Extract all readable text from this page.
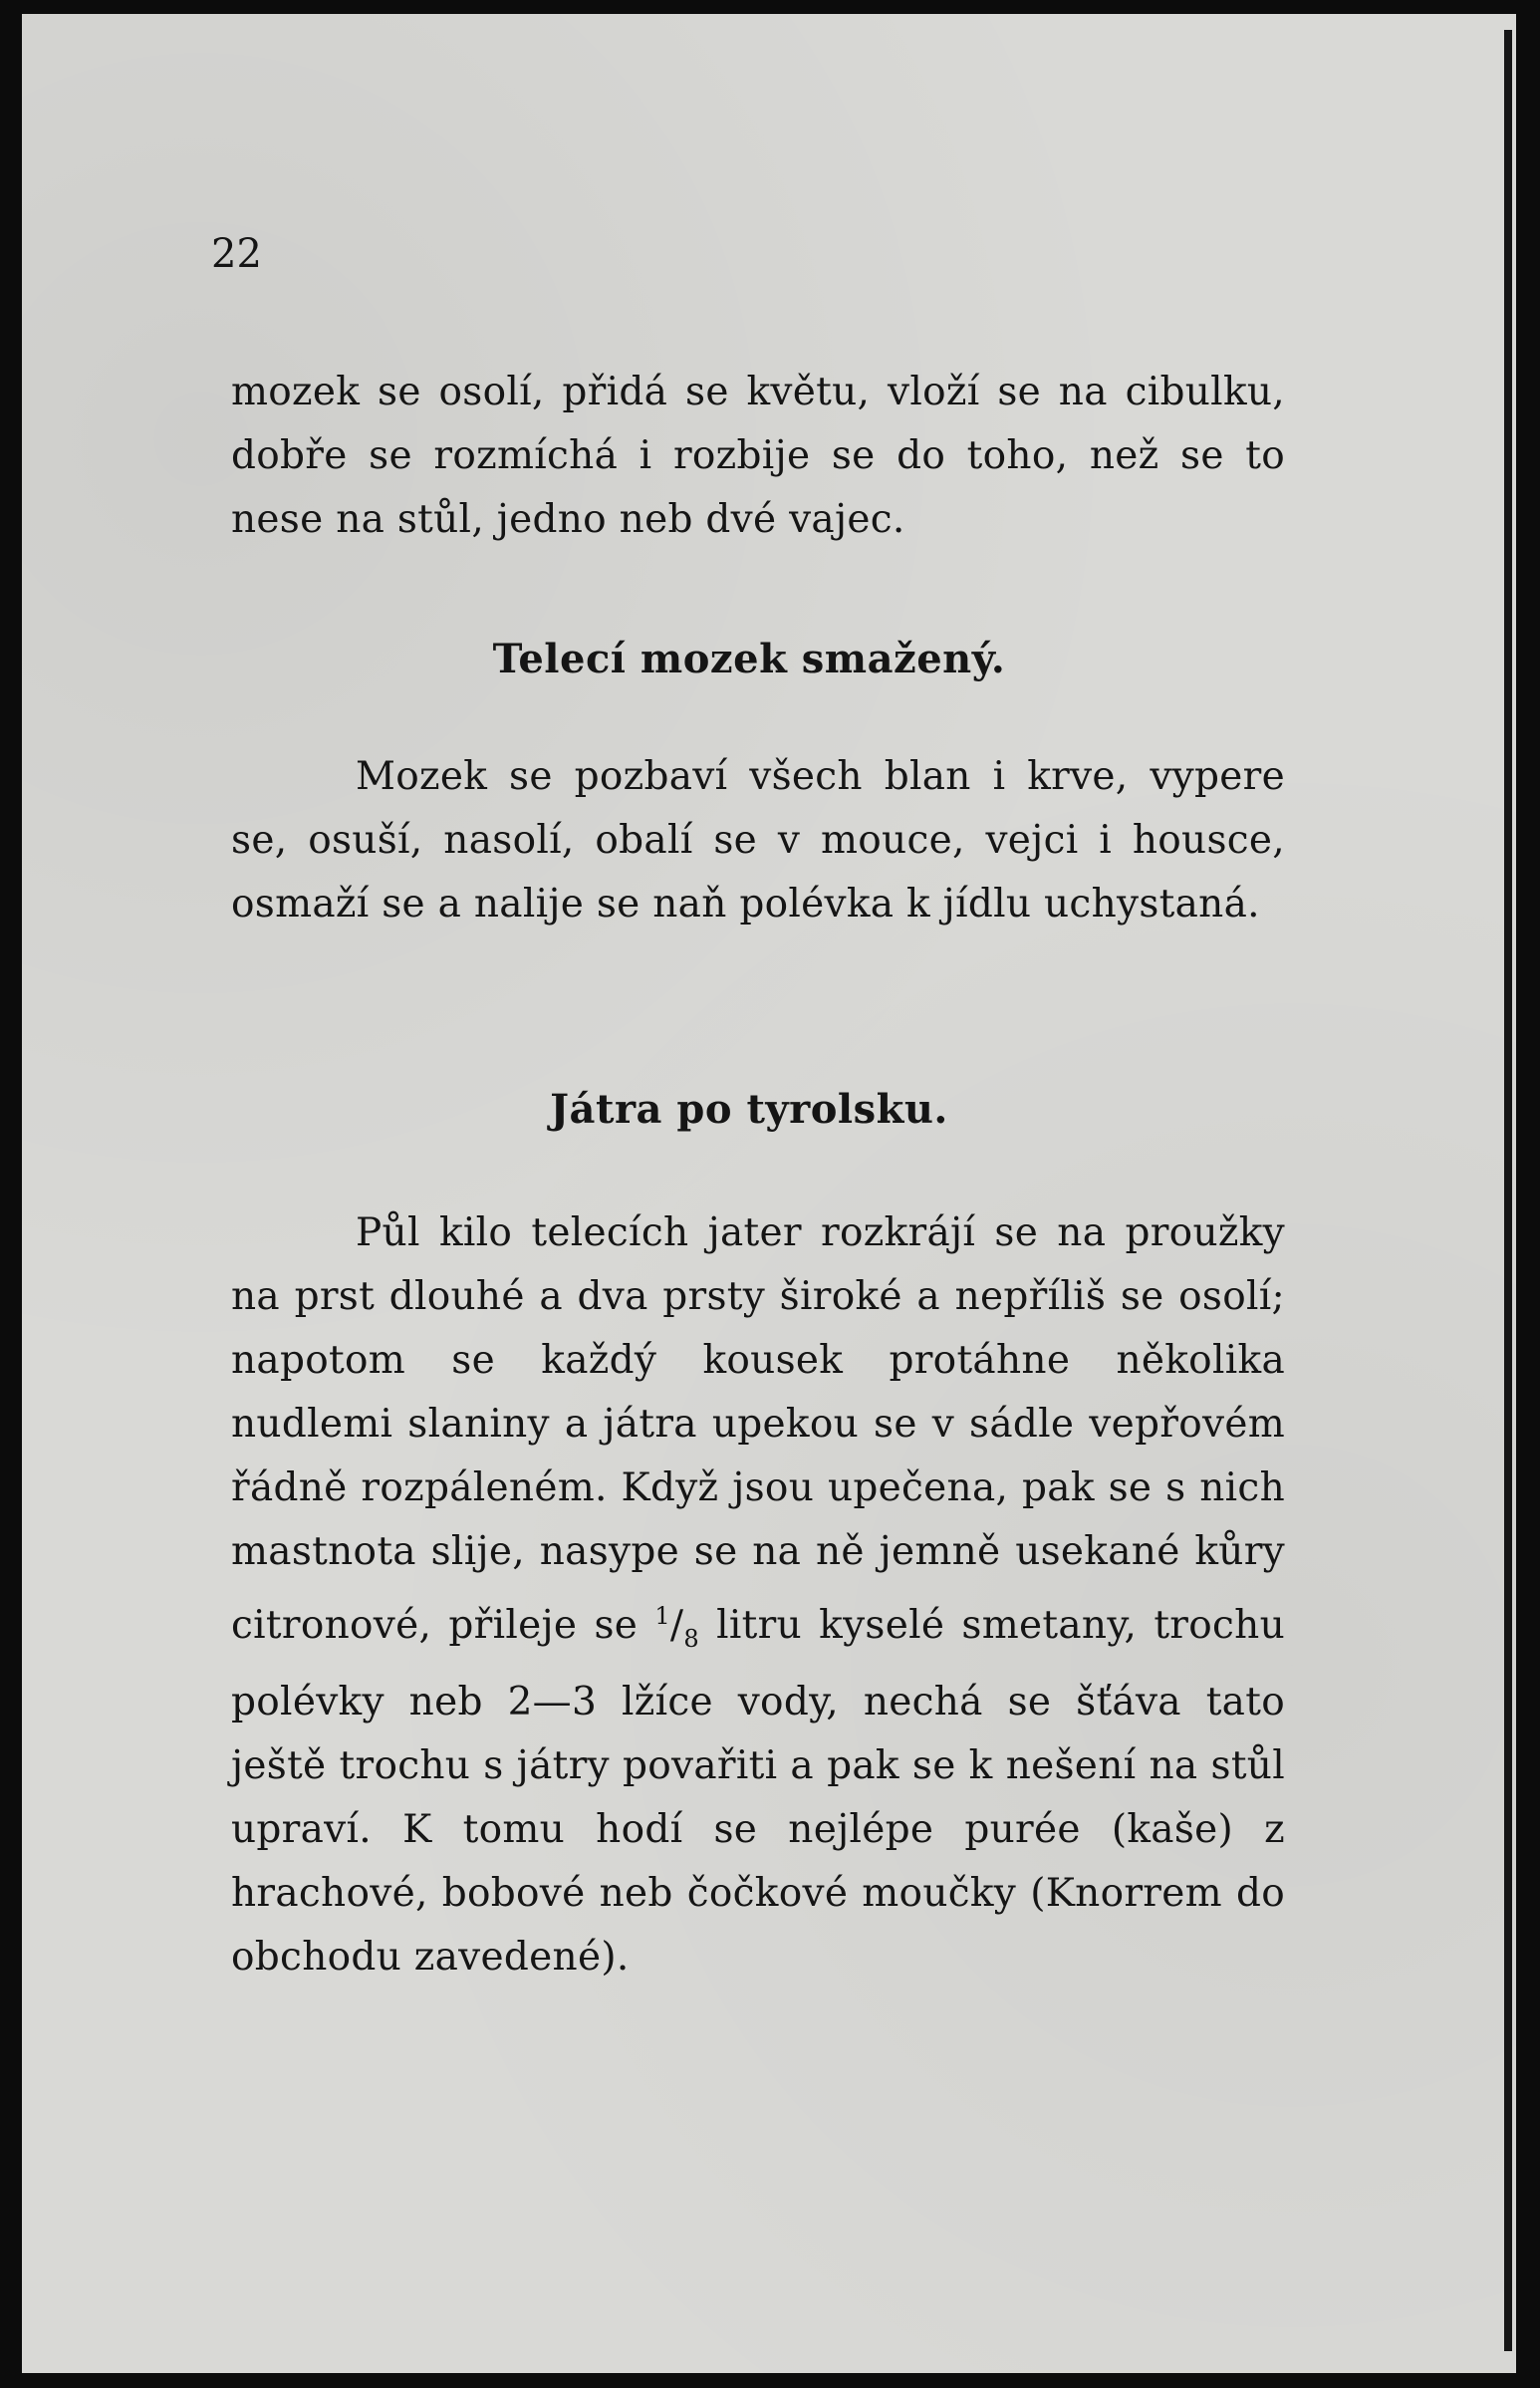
22

mozek se osolí, přidá se květu, vloží se na cibulku, dobře se rozmíchá i rozbije se do toho, než se to nese na stůl, jedno neb dvé vajec.

Telecí mozek smažený.

Mozek se pozbaví všech blan i krve, vypere se, osuší, nasolí, obalí se v mouce, vejci i housce, osmaží se a nalije se naň polévka k jídlu uchystaná.

Játra po tyrolsku.

Půl kilo telecích jater rozkrájí se na proužky na prst dlouhé a dva prsty široké a nepříliš se osolí; napotom se každý kousek protáhne několika nudlemi slaniny a játra upekou se v sádle vepřovém řádně rozpáleném. Když jsou upečena, pak se s nich mastnota slije, nasype se na ně jemně usekané kůry citronové, přileje se $^1/_8$ litru kyselé smetany, trochu polévky neb 2—3 lžíce vody, nechá se šťáva tato ještě trochu s játry povařiti a pak se k nešení na stůl upraví. K tomu hodí se nejlépe purée (kaše) z hrachové, bobové neb čočkové moučky (Knorrem do obchodu zavedené).
